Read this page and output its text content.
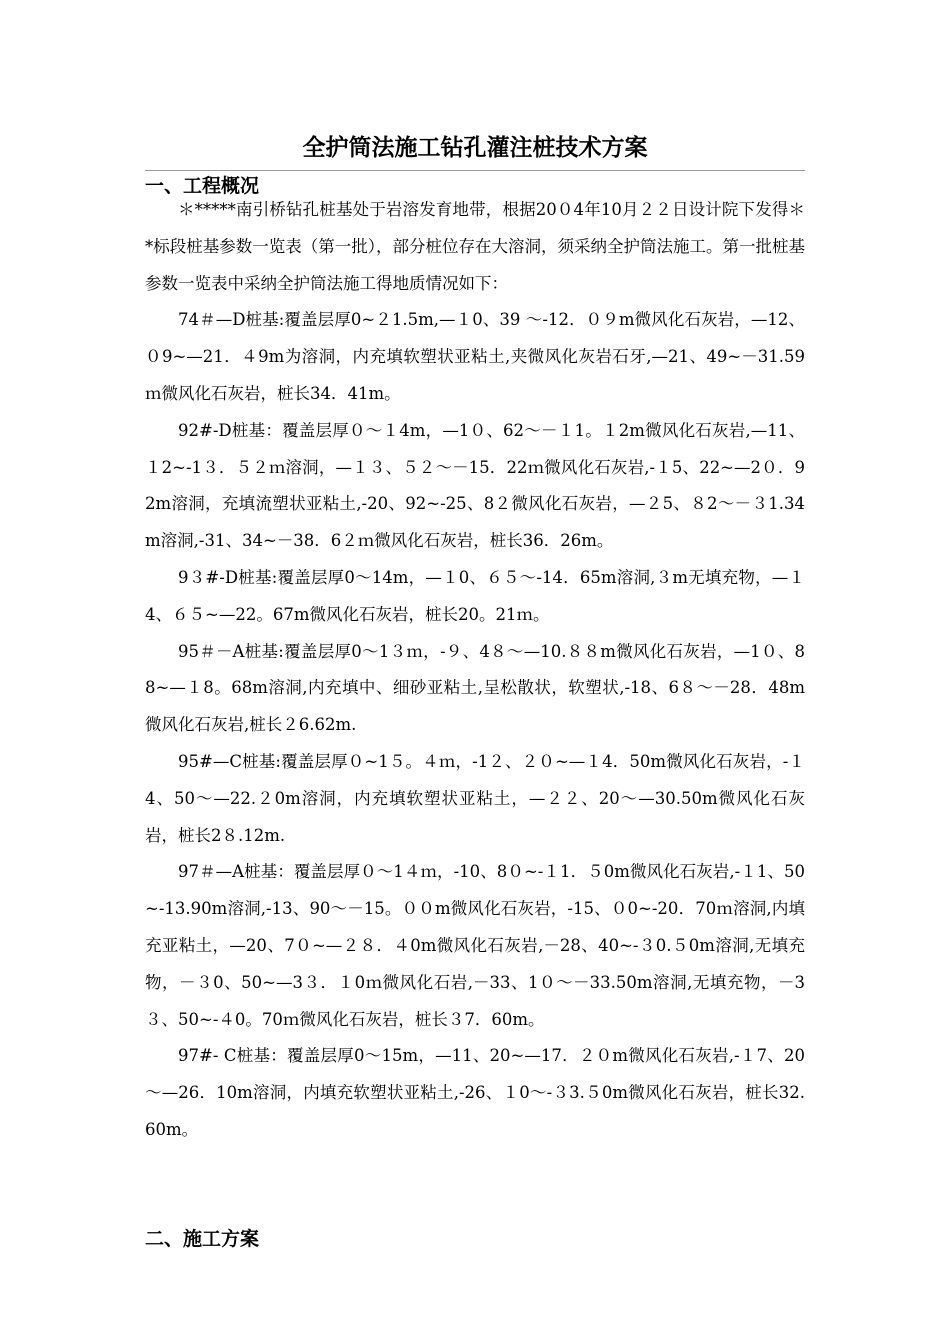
全护筒法施工钻孔灌注桩技术方案
一、工程概况

＊*****南引桥钻孔桩基处于岩溶发育地带，根据20０4年10月２２日设计院下发得＊*标段桩基参数一览表（第一批），部分桩位存在大溶洞，须采纳全护筒法施工。第一批桩基参数一览表中采纳全护筒法施工得地质情况如下：

74＃—D桩基:覆盖层厚0~２1.5m,—１0、39 ～-12．０９m微风化石灰岩，—12、０9~—21．４9m为溶洞，内充填软塑状亚粘土,夹微风化灰岩石牙,—21、49~－31.59ｍ微风化石灰岩，桩长34．41m。

92#-D桩基：覆盖层厚０～１4m，—1０、62～－１1。１2m微风化石灰岩,—11、１2~-1３．５２ｍ溶洞，—１３、５２～－15．22ｍ微风化石灰岩,-１5、22~—2０．92m溶洞，充填流塑状亚粘土,-20、92~-25、8２微风化石灰岩，—２5、８2～－３1.34m溶洞,-31、34~－38．6２ｍ微风化石灰岩，桩长36．26m。

9３#-D桩基:覆盖层厚0～14m，—１0、６５～-14．65m溶洞,３m无填充物，—１4、６５~—22。67m微风化石灰岩，桩长20。21ｍ。

95＃－A桩基:覆盖层厚0～1３ｍ，-９、4８～—10.８８m微风化石灰岩，—1０、88~—１8。68m溶洞,内充填中、细砂亚粘土,呈松散状，软塑状,-18、6８～－28．48m微风化石灰岩,桩长２6.62m.

95#—C桩基:覆盖层厚０~1５。４ｍ，-1２、２０~—１4．50m微风化石灰岩，-１4、50～—22.２0m溶洞，内充填软塑状亚粘土，—２２、20～—30.50m微风化石灰岩，桩长2８.12m.

97＃—A桩基：覆盖层厚０～1４ｍ，-10、8０~-１1．５0m微风化石灰岩,-１1、50~-13.90m溶洞,-13、90～－15。００m微风化石灰岩，-15、０0~-20．70ｍ溶洞,内填充亚粘土，—20、7０~—２８．４0m微风化石灰岩,－28、40~-３0.５0m溶洞,无填充物，－３0、50~—3３．１0ｍ微风化石岩,－33、1０～－33.50m溶洞,无填充物，－3３、50~-４0。70ｍ微风化石灰岩，桩长３7．60m。

97#- C桩基：覆盖层厚0～15m，—11、20~—17．２０m微风化石灰岩,-１7、20～—26．10m溶洞，内填充软塑状亚粘土,-26、１0～-３3.５0m微风化石灰岩，桩长32.60m。

二、施工方案
